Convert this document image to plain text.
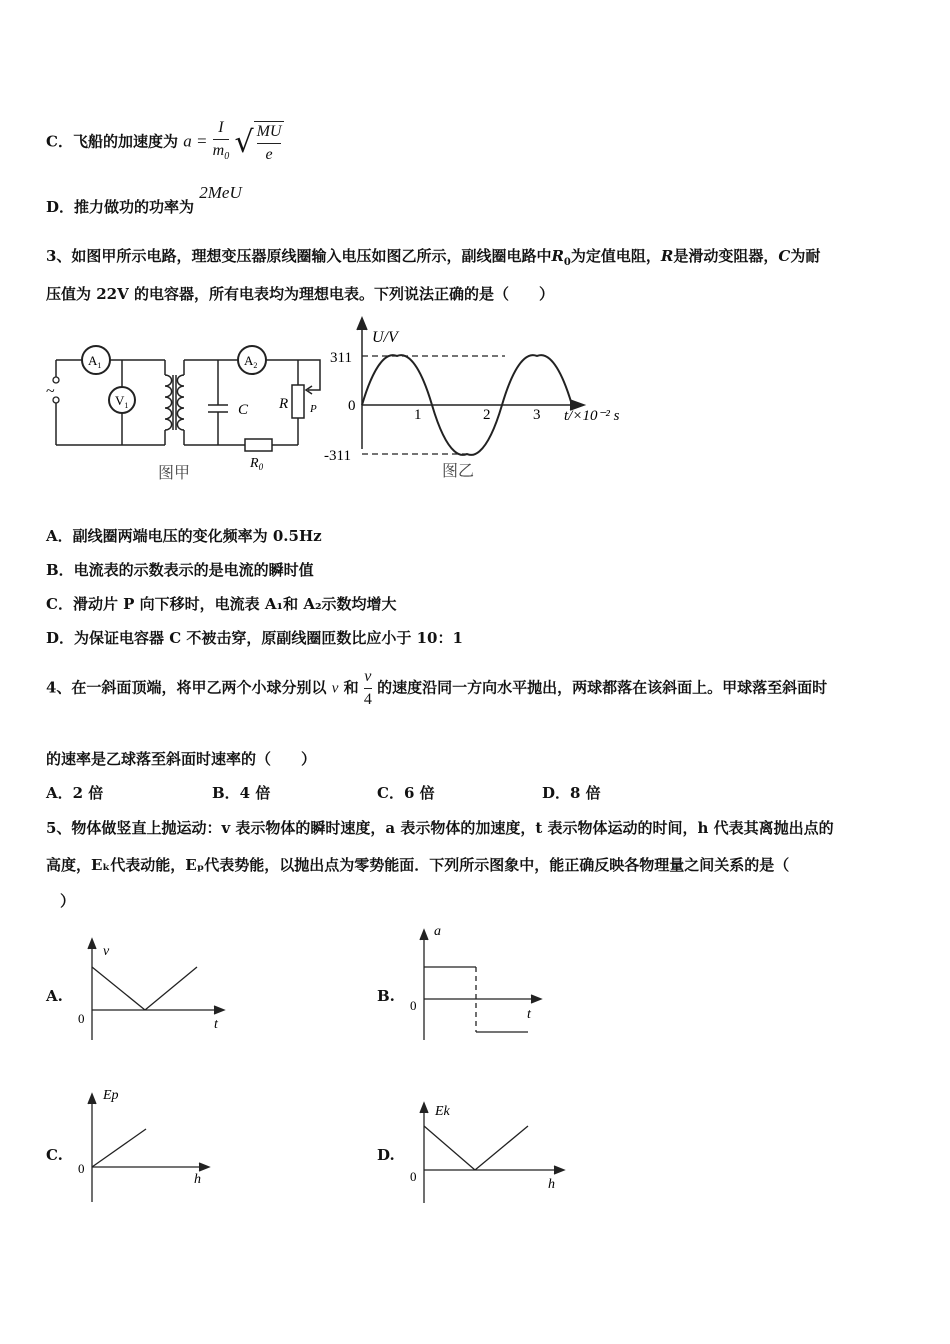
C．飞船的加速度为 $a = \frac{I}{m_0}$ √ $\frac{MU}{e}$
D．推力做功的功率为 2MeU
3、如图甲所示电路，理想变压器原线圈输入电压如图乙所示，副线圈电路中$R_0$为定值电阻，R是滑动变阻器，C为耐
压值为 22V 的电容器，所有电表均为理想电表。下列说法正确的是（　　）
$A_1$
$V_1$
$A_2$
~
C R P
$R_0$
图甲
U/V
311
0
-311
1	2	3 t/×10⁻² s
图乙
A．副线圈两端电压的变化频率为 0.5Hz
B．电流表的示数表示的是电流的瞬时值
C．滑动片 P 向下移时，电流表 A₁和 A₂示数均增大
D．为保证电容器 C 不被击穿，原副线圈匝数比应小于 10：1
4、在一斜面顶端，将甲乙两个小球分别以 v 和 $\frac{v}{4}$ 的速度沿同一方向水平抛出，两球都落在该斜面上。甲球落至斜面时
的速率是乙球落至斜面时速率的（　　）
A．2 倍	B．4 倍	C．6 倍	D．8 倍
5、物体做竖直上抛运动：v 表示物体的瞬时速度，a 表示物体的加速度，t 表示物体运动的时间，h 代表其离抛出点的
高度，Eₖ代表动能，Eₚ代表势能，以抛出点为零势能面．下列所示图象中，能正确反映各物理量之间关系的是（
）
A.
v
0	t
B.
a
0
t
C.
Ep
0
h
D.
Ek
0
h
